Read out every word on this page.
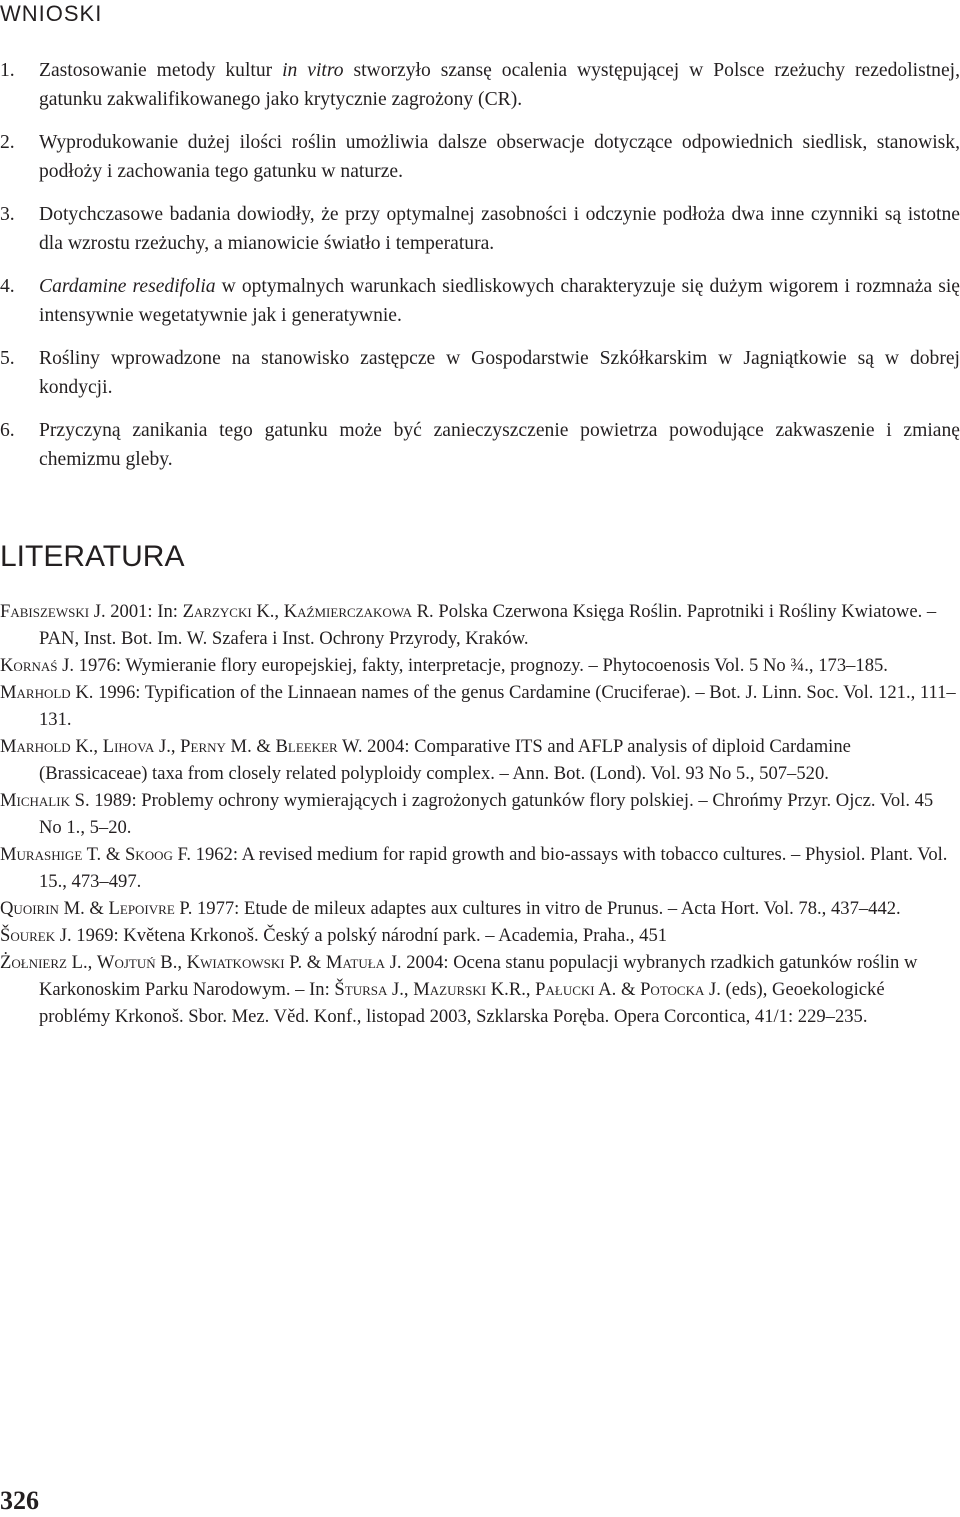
WNIOSKI
1. Zastosowanie metody kultur in vitro stworzyło szansę ocalenia występującej w Polsce rzeżuchy rezedolistnej, gatunku zakwalifikowanego jako krytycznie zagrożony (CR).
2. Wyprodukowanie dużej ilości roślin umożliwia dalsze obserwacje dotyczące odpowiednich siedlisk, stanowisk, podłoży i zachowania tego gatunku w naturze.
3. Dotychczasowe badania dowiodły, że przy optymalnej zasobności i odczynie podłoża dwa inne czynniki są istotne dla wzrostu rzeżuchy, a mianowicie światło i temperatura.
4. Cardamine resedifolia w optymalnych warunkach siedliskowych charakteryzuje się dużym wigorem i rozmnaża się intensywnie wegetatywnie jak i generatywnie.
5. Rośliny wprowadzone na stanowisko zastępcze w Gospodarstwie Szkółkarskim w Jagniątkowie są w dobrej kondycji.
6. Przyczyną zanikania tego gatunku może być zanieczyszczenie powietrza powodujące zakwaszenie i zmianę chemizmu gleby.
LITERATURA
Fabiszewski J. 2001: In: Zarzycki K., Kaźmierczakowa R. Polska Czerwona Księga Roślin. Paprotniki i Rośliny Kwiatowe. – PAN, Inst. Bot. Im. W. Szafera i Inst. Ochrony Przyrody, Kraków.
Kornaś J. 1976: Wymieranie flory europejskiej, fakty, interpretacje, prognozy. – Phytocoenosis Vol. 5 No ¾., 173–185.
Marhold K. 1996: Typification of the Linnaean names of the genus Cardamine (Cruciferae). – Bot. J. Linn. Soc. Vol. 121., 111–131.
Marhold K., Lihova J., Perny M. & Bleeker W. 2004: Comparative ITS and AFLP analysis of diploid Cardamine (Brassicaceae) taxa from closely related polyploidy complex. – Ann. Bot. (Lond). Vol. 93 No 5., 507–520.
Michalik S. 1989: Problemy ochrony wymierających i zagrożonych gatunków flory polskiej. – Chrońmy Przyr. Ojcz. Vol. 45 No 1., 5–20.
Murashige T. & Skoog F. 1962: A revised medium for rapid growth and bio-assays with tobacco cultures. – Physiol. Plant. Vol. 15., 473–497.
Quoirin M. & Lepoivre P. 1977: Etude de mileux adaptes aux cultures in vitro de Prunus. – Acta Hort. Vol. 78., 437–442.
Šourek J. 1969: Květena Krkonoš. Český a polský národní park. – Academia, Praha., 451
Żołnierz L., Wojtuń B., Kwiatkowski P. & Matuła J. 2004: Ocena stanu populacji wybranych rzadkich gatunków roślin w Karkonoskim Parku Narodowym. – In: Štursa J., Mazurski K.R., Pałucki A. & Potocka J. (eds), Geoekologické problémy Krkonoš. Sbor. Mez. Věd. Konf., listopad 2003, Szklarska Poręba. Opera Corcontica, 41/1: 229–235.
326
